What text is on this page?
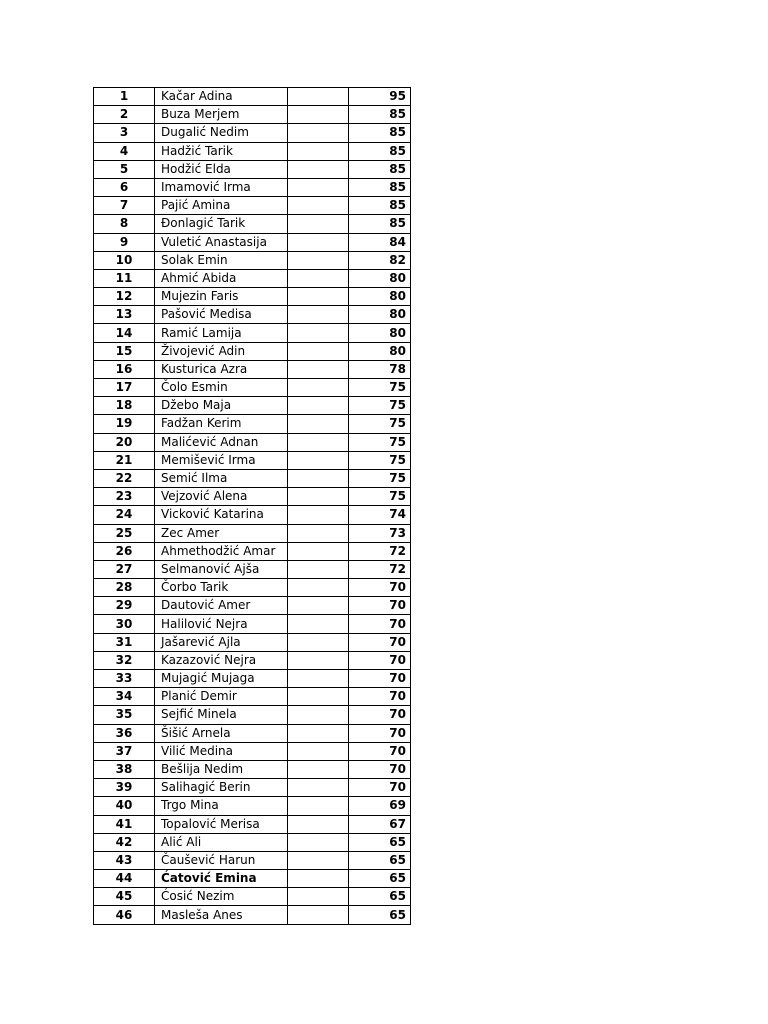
1	Kačar Adina		95
2	Buza Merjem		85
3	Dugalić Nedim		85
4	Hadžić Tarik		85
5	Hodžić Elda		85
6	Imamović Irma		85
7	Pajić Amina		85
8	Đonlagić Tarik		85
9	Vuletić Anastasija		84
10	Solak Emin		82
11	Ahmić Abida		80
12	Mujezin Faris		80
13	Pašović Medisa		80
14	Ramić Lamija		80
15	Živojević Adin		80
16	Kusturica Azra		78
17	Čolo Esmin		75
18	Džebo Maja		75
19	Fadžan Kerim		75
20	Malićević Adnan		75
21	Memišević Irma		75
22	Semić Ilma		75
23	Vejzović Alena		75
24	Vicković Katarina		74
25	Zec Amer		73
26	Ahmethodžić Amar		72
27	Selmanović Ajša		72
28	Čorbo Tarik		70
29	Dautović Amer		70
30	Halilović Nejra		70
31	Jašarević Ajla		70
32	Kazazović Nejra		70
33	Mujagić Mujaga		70
34	Planić Demir		70
35	Sejfić Minela		70
36	Šišić Arnela		70
37	Vilić Medina		70
38	Bešlija Nedim		70
39	Salihagić Berin		70
40	Trgo Mina		69
41	Topalović Merisa		67
42	Alić Ali		65
43	Čaušević Harun		65
44	Ćatović Emina		65
45	Ćosić Nezim		65
46	Masleša Anes		65
